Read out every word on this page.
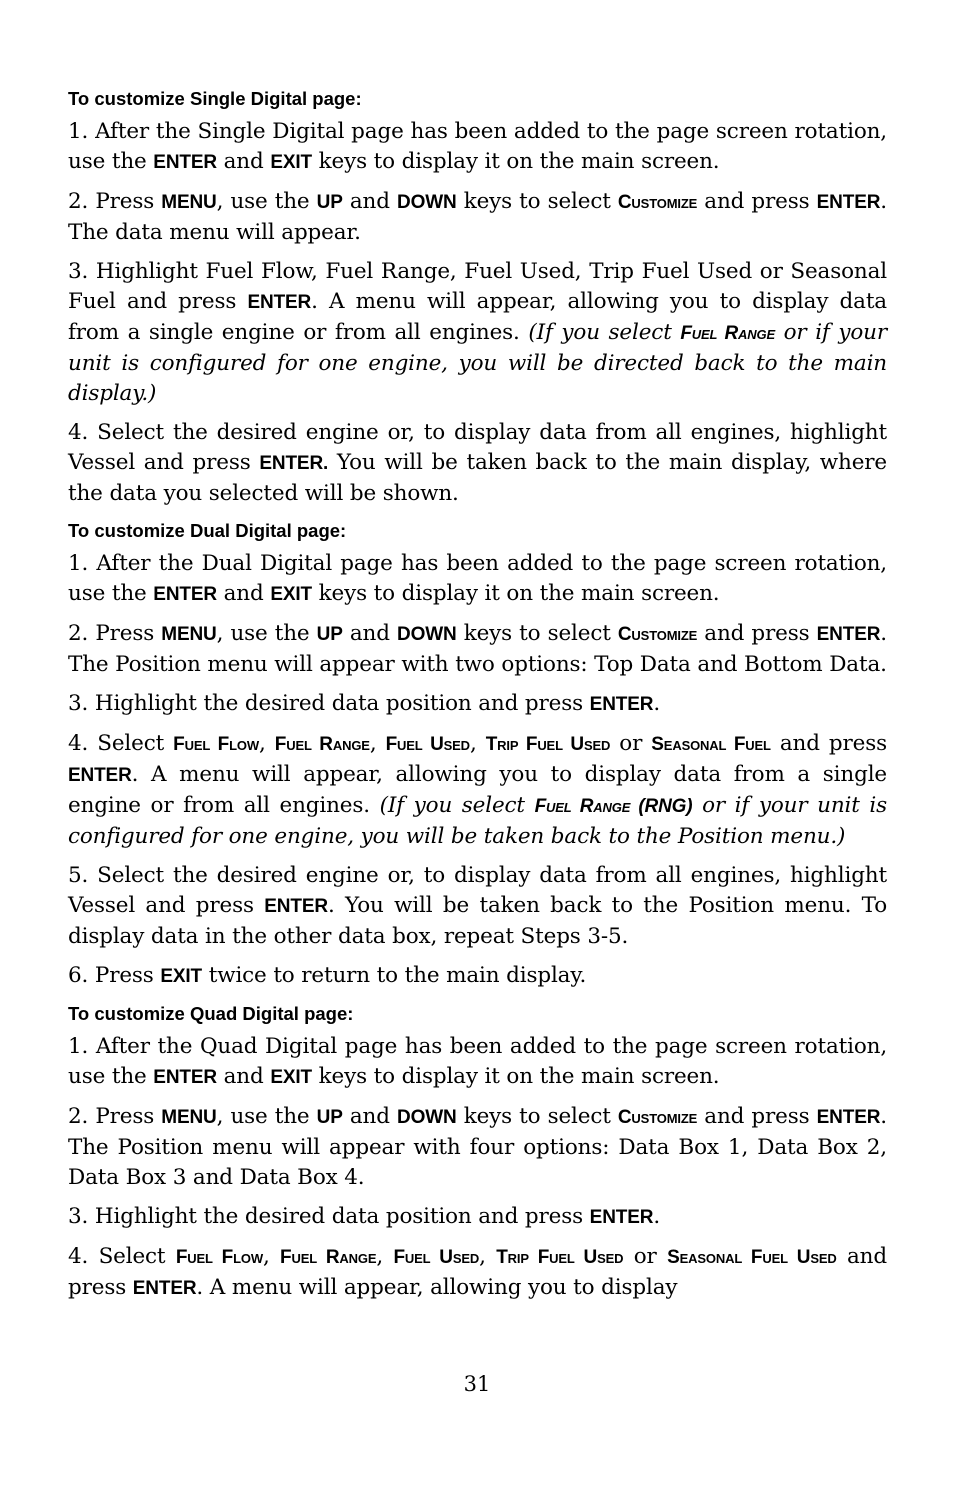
To customize Single Digital page:

1. After the Single Digital page has been added to the page screen rotation, use the ENTER and EXIT keys to display it on the main screen.

2. Press MENU, use the UP and DOWN keys to select Customize and press ENTER. The data menu will appear.

3. Highlight Fuel Flow, Fuel Range, Fuel Used, Trip Fuel Used or Seasonal Fuel and press ENTER. A menu will appear, allowing you to display data from a single engine or from all engines. (If you select Fuel Range or if your unit is configured for one engine, you will be directed back to the main display.)

4. Select the desired engine or, to display data from all engines, highlight Vessel and press ENTER. You will be taken back to the main display, where the data you selected will be shown.

To customize Dual Digital page:

1. After the Dual Digital page has been added to the page screen rotation, use the ENTER and EXIT keys to display it on the main screen.

2. Press MENU, use the UP and DOWN keys to select Customize and press ENTER. The Position menu will appear with two options: Top Data and Bottom Data.

3. Highlight the desired data position and press ENTER.

4. Select Fuel Flow, Fuel Range, Fuel Used, Trip Fuel Used or Seasonal Fuel and press ENTER. A menu will appear, allowing you to display data from a single engine or from all engines. (If you select Fuel Range (RNG) or if your unit is configured for one engine, you will be taken back to the Position menu.)

5. Select the desired engine or, to display data from all engines, highlight Vessel and press ENTER. You will be taken back to the Position menu. To display data in the other data box, repeat Steps 3-5.

6. Press EXIT twice to return to the main display.

To customize Quad Digital page:

1. After the Quad Digital page has been added to the page screen rotation, use the ENTER and EXIT keys to display it on the main screen.

2. Press MENU, use the UP and DOWN keys to select Customize and press ENTER. The Position menu will appear with four options: Data Box 1, Data Box 2, Data Box 3 and Data Box 4.

3. Highlight the desired data position and press ENTER.

4. Select Fuel Flow, Fuel Range, Fuel Used, Trip Fuel Used or Seasonal Fuel Used and press ENTER. A menu will appear, allowing you to display

31
